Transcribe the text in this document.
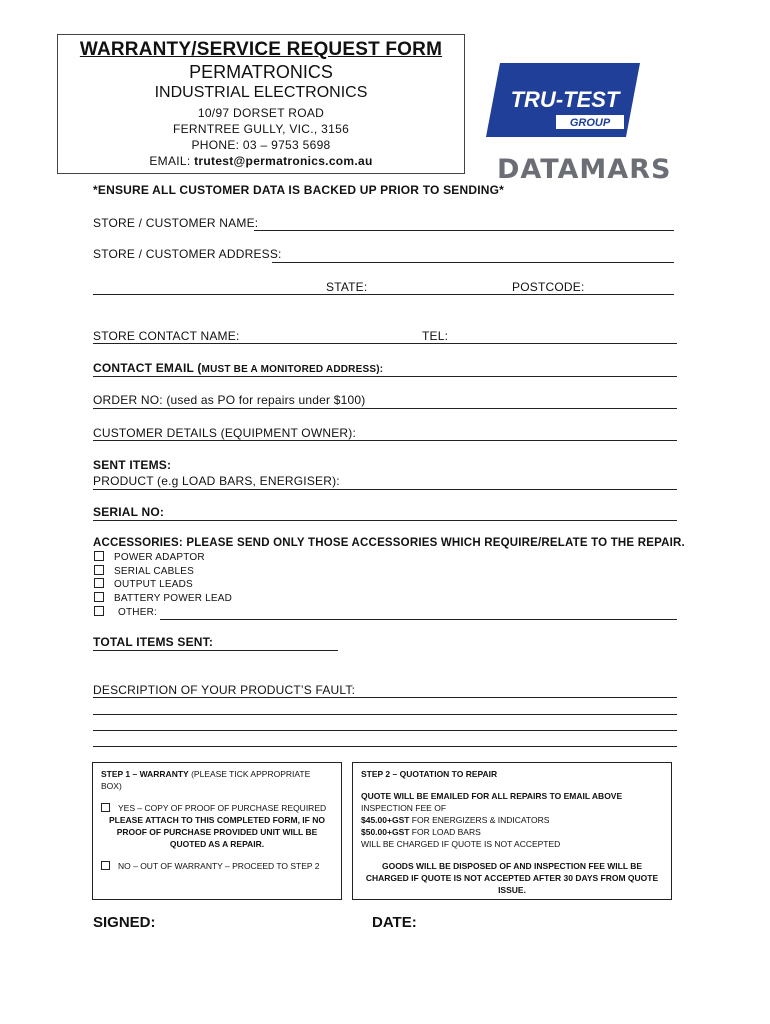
WARRANTY/SERVICE REQUEST FORM
PERMATRONICS
INDUSTRIAL ELECTRONICS
10/97 DORSET ROAD
FERNTREE GULLY, VIC., 3156
PHONE: 03 – 9753 5698
EMAIL: trutest@permatronics.com.au
TRU-TEST
GROUP
DATAMARS
*ENSURE ALL CUSTOMER DATA IS BACKED UP PRIOR TO SENDING*
STORE / CUSTOMER NAME:
STORE / CUSTOMER ADDRESS:
STATE:	POSTCODE:
STORE CONTACT NAME:	TEL:
CONTACT EMAIL (MUST BE A MONITORED ADDRESS):
ORDER NO: (used as PO for repairs under $100)
CUSTOMER DETAILS (EQUIPMENT OWNER):
SENT ITEMS:
PRODUCT (e.g LOAD BARS, ENERGISER):
SERIAL NO:
ACCESSORIES: PLEASE SEND ONLY THOSE ACCESSORIES WHICH REQUIRE/RELATE TO THE REPAIR.
POWER ADAPTOR
SERIAL CABLES
OUTPUT LEADS
BATTERY POWER LEAD
OTHER:
TOTAL ITEMS SENT:
DESCRIPTION OF YOUR PRODUCT’S FAULT:
STEP 1 – WARRANTY (PLEASE TICK APPROPRIATE BOX)
YES – COPY OF PROOF OF PURCHASE REQUIRED
PLEASE ATTACH TO THIS COMPLETED FORM, IF NO PROOF OF PURCHASE PROVIDED UNIT WILL BE QUOTED AS A REPAIR.
NO – OUT OF WARRANTY – PROCEED TO STEP 2
STEP 2 – QUOTATION TO REPAIR
QUOTE WILL BE EMAILED FOR ALL REPAIRS TO EMAIL ABOVE
INSPECTION FEE OF
$45.00+GST FOR ENERGIZERS & INDICATORS
$50.00+GST FOR LOAD BARS
WILL BE CHARGED IF QUOTE IS NOT ACCEPTED
GOODS WILL BE DISPOSED OF AND INSPECTION FEE WILL BE CHARGED IF QUOTE IS NOT ACCEPTED AFTER 30 DAYS FROM QUOTE ISSUE.
SIGNED:	DATE:
